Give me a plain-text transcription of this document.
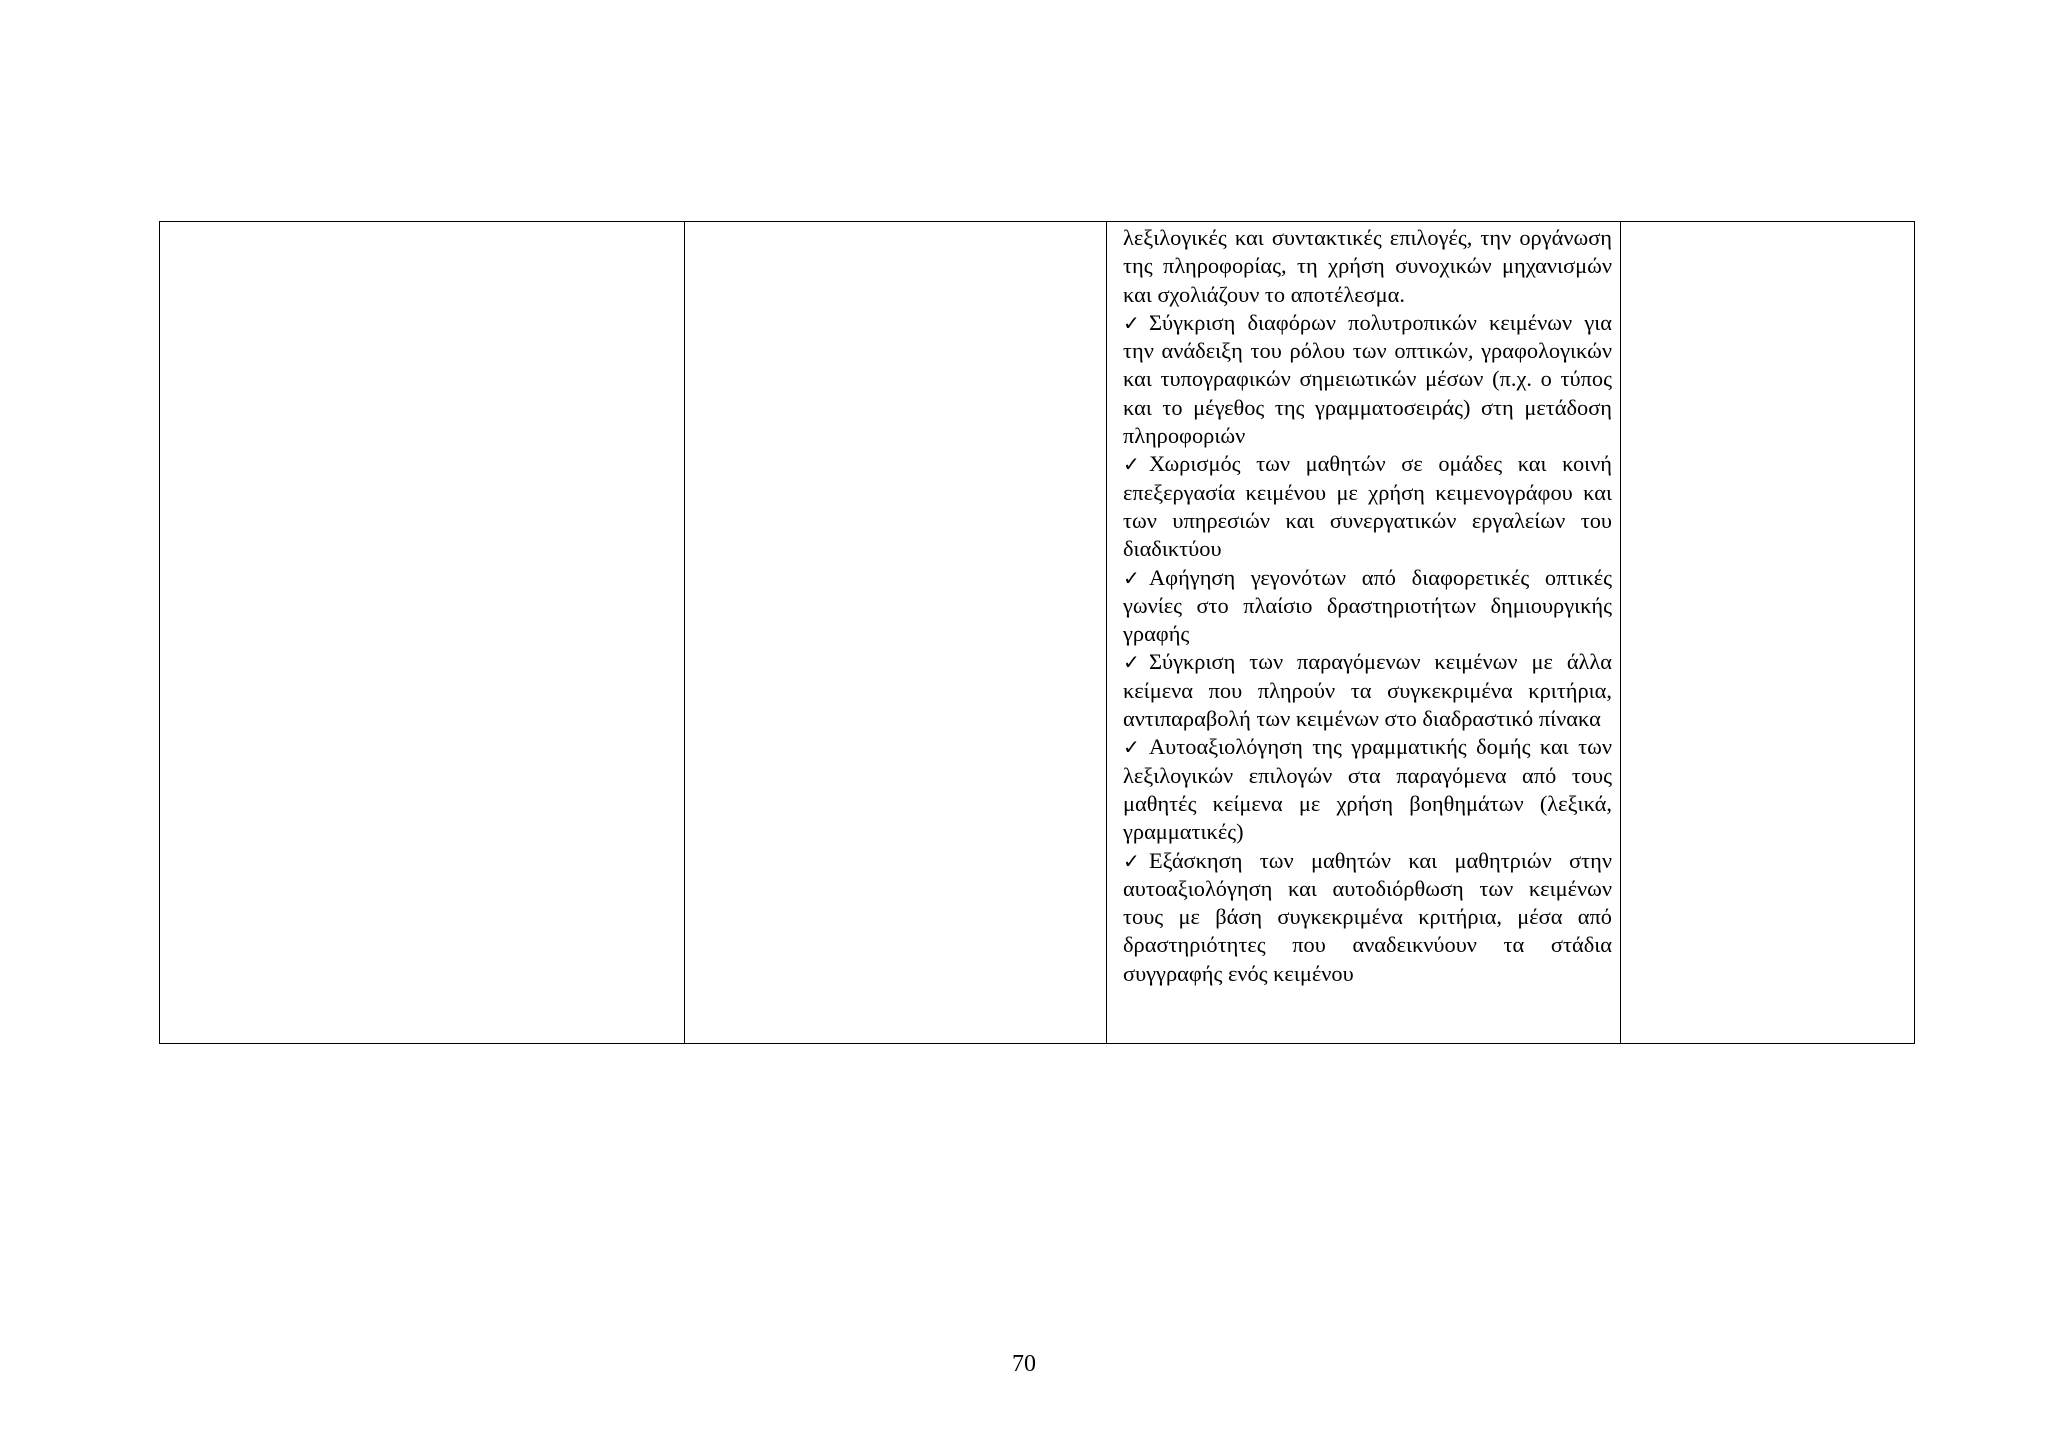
λεξιλογικές και συντακτικές επιλογές, την οργάνωση της πληροφορίας, τη χρήση συνοχικών μηχανισμών και σχολιάζουν το αποτέλεσμα.

✓ Σύγκριση διαφόρων πολυτροπικών κειμένων για την ανάδειξη του ρόλου των οπτικών, γραφολογικών και τυπογραφικών σημειωτικών μέσων (π.χ. ο τύπος και το μέγεθος της γραμματοσειράς) στη μετάδοση πληροφοριών

✓ Χωρισμός των μαθητών σε ομάδες και κοινή επεξεργασία κειμένου με χρήση κειμενογράφου και των υπηρεσιών και συνεργατικών εργαλείων του διαδικτύου

✓ Αφήγηση γεγονότων από διαφορετικές οπτικές γωνίες στο πλαίσιο δραστηριοτήτων δημιουργικής γραφής

✓ Σύγκριση των παραγόμενων κειμένων με άλλα κείμενα που πληρούν τα συγκεκριμένα κριτήρια, αντιπαραβολή των κειμένων στο διαδραστικό πίνακα

✓ Αυτοαξιολόγηση της γραμματικής δομής και των λεξιλογικών επιλογών στα παραγόμενα από τους μαθητές κείμενα με χρήση βοηθημάτων (λεξικά, γραμματικές)

✓ Εξάσκηση των μαθητών και μαθητριών στην αυτοαξιολόγηση και αυτοδιόρθωση των κειμένων τους με βάση συγκεκριμένα κριτήρια, μέσα από δραστηριότητες που αναδεικνύουν τα στάδια συγγραφής ενός κειμένου

70
